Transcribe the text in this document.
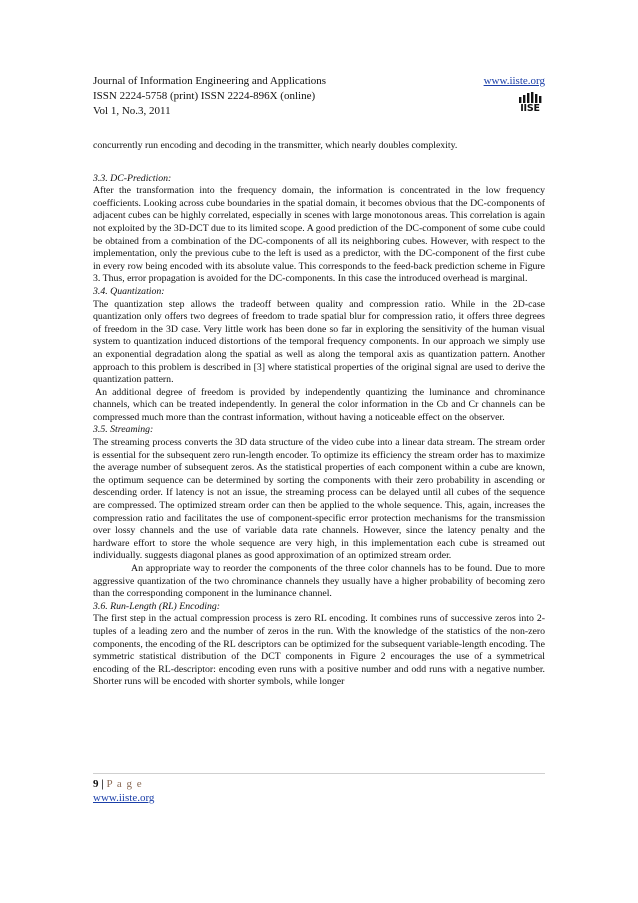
Journal of Information Engineering and Applications
ISSN 2224-5758 (print) ISSN 2224-896X (online)
Vol 1, No.3, 2011
www.iiste.org
IISE

concurrently run encoding and decoding in the transmitter, which nearly doubles complexity.

3.3. DC-Prediction:

After the transformation into the frequency domain, the information is concentrated in the low frequency coefficients. Looking across cube boundaries in the spatial domain, it becomes obvious that the DC-components of adjacent cubes can be highly correlated, especially in scenes with large monotonous areas. This correlation is again not exploited by the 3D-DCT due to its limited scope. A good prediction of the DC-component of some cube could be obtained from a combination of the DC-components of all its neighboring cubes. However, with respect to the implementation, only the previous cube to the left is used as a predictor, with the DC-component of the first cube in every row being encoded with its absolute value. This corresponds to the feed-back prediction scheme in Figure 3. Thus, error propagation is avoided for the DC-components. In this case the introduced overhead is marginal.

3.4. Quantization:

The quantization step allows the tradeoff between quality and compression ratio. While in the 2D-case quantization only offers two degrees of freedom to trade spatial blur for compression ratio, it offers three degrees of freedom in the 3D case. Very little work has been done so far in exploring the sensitivity of the human visual system to quantization induced distortions of the temporal frequency components. In our approach we simply use an exponential degradation along the spatial as well as along the temporal axis as quantization pattern. Another approach to this problem is described in [3] where statistical properties of the original signal are used to derive the quantization pattern.

An additional degree of freedom is provided by independently quantizing the luminance and chrominance channels, which can be treated independently. In general the color information in the Cb and Cr channels can be compressed much more than the contrast information, without having a noticeable effect on the observer.

3.5. Streaming:

The streaming process converts the 3D data structure of the video cube into a linear data stream. The stream order is essential for the subsequent zero run-length encoder. To optimize its efficiency the stream order has to maximize the average number of subsequent zeros. As the statistical properties of each component within a cube are known, the optimum sequence can be determined by sorting the components with their zero probability in ascending or descending order. If latency is not an issue, the streaming process can be delayed until all cubes of the sequence are compressed. The optimized stream order can then be applied to the whole sequence. This, again, increases the compression ratio and facilitates the use of component-specific error protection mechanisms for the transmission over lossy channels and the use of variable data rate channels. However, since the latency penalty and the hardware effort to store the whole sequence are very high, in this implementation each cube is streamed out individually. suggests diagonal planes as good approximation of an optimized stream order.

An appropriate way to reorder the components of the three color channels has to be found. Due to more aggressive quantization of the two chrominance channels they usually have a higher probability of becoming zero than the corresponding component in the luminance channel.

3.6. Run-Length (RL) Encoding:

The first step in the actual compression process is zero RL encoding. It combines runs of successive zeros into 2-tuples of a leading zero and the number of zeros in the run. With the knowledge of the statistics of the non-zero components, the encoding of the RL descriptors can be optimized for the subsequent variable-length encoding. The symmetric statistical distribution of the DCT components in Figure 2 encourages the use of a symmetrical encoding of the RL-descriptor: encoding even runs with a positive number and odd runs with a negative number. Shorter runs will be encoded with shorter symbols, while longer

9 | P a g e
www.iiste.org
